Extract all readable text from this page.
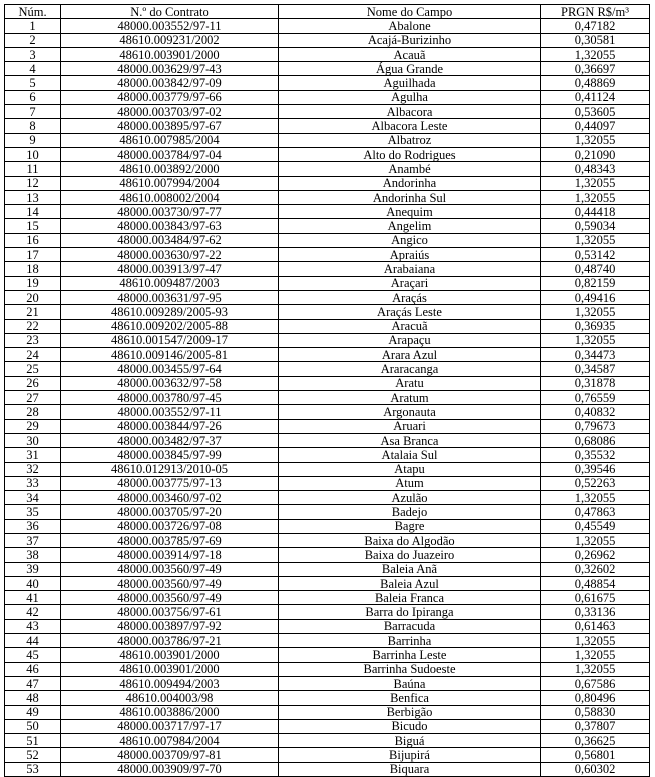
Núm.	N.º do Contrato	Nome do Campo	PRGN R$/m³
1	48000.003552/97-11	Abalone	0,47182
2	48610.009231/2002	Acajá-Burizinho	0,30581
3	48610.003901/2000	Acauã	1,32055
4	48000.003629/97-43	Água Grande	0,36697
5	48000.003842/97-09	Aguilhada	0,48869
6	48000.003779/97-66	Agulha	0,41124
7	48000.003703/97-02	Albacora	0,53605
8	48000.003895/97-67	Albacora Leste	0,44097
9	48610.007985/2004	Albatroz	1,32055
10	48000.003784/97-04	Alto do Rodrigues	0,21090
11	48610.003892/2000	Anambé	0,48343
12	48610.007994/2004	Andorinha	1,32055
13	48610.008002/2004	Andorinha Sul	1,32055
14	48000.003730/97-77	Anequim	0,44418
15	48000.003843/97-63	Angelim	0,59034
16	48000.003484/97-62	Angico	1,32055
17	48000.003630/97-22	Apraiús	0,53142
18	48000.003913/97-47	Arabaiana	0,48740
19	48610.009487/2003	Araçari	0,82159
20	48000.003631/97-95	Araçás	0,49416
21	48610.009289/2005-93	Araçás Leste	1,32055
22	48610.009202/2005-88	Aracuã	0,36935
23	48610.001547/2009-17	Arapaçu	1,32055
24	48610.009146/2005-81	Arara Azul	0,34473
25	48000.003455/97-64	Araracanga	0,34587
26	48000.003632/97-58	Aratu	0,31878
27	48000.003780/97-45	Aratum	0,76559
28	48000.003552/97-11	Argonauta	0,40832
29	48000.003844/97-26	Aruari	0,79673
30	48000.003482/97-37	Asa Branca	0,68086
31	48000.003845/97-99	Atalaia Sul	0,35532
32	48610.012913/2010-05	Atapu	0,39546
33	48000.003775/97-13	Atum	0,52263
34	48000.003460/97-02	Azulão	1,32055
35	48000.003705/97-20	Badejo	0,47863
36	48000.003726/97-08	Bagre	0,45549
37	48000.003785/97-69	Baixa do Algodão	1,32055
38	48000.003914/97-18	Baixa do Juazeiro	0,26962
39	48000.003560/97-49	Baleia Anã	0,32602
40	48000.003560/97-49	Baleia Azul	0,48854
41	48000.003560/97-49	Baleia Franca	0,61675
42	48000.003756/97-61	Barra do Ipiranga	0,33136
43	48000.003897/97-92	Barracuda	0,61463
44	48000.003786/97-21	Barrinha	1,32055
45	48610.003901/2000	Barrinha Leste	1,32055
46	48610.003901/2000	Barrinha Sudoeste	1,32055
47	48610.009494/2003	Baúna	0,67586
48	48610.004003/98	Benfica	0,80496
49	48610.003886/2000	Berbigão	0,58830
50	48000.003717/97-17	Bicudo	0,37807
51	48610.007984/2004	Biguá	0,36625
52	48000.003709/97-81	Bijupirá	0,56801
53	48000.003909/97-70	Biquara	0,60302
